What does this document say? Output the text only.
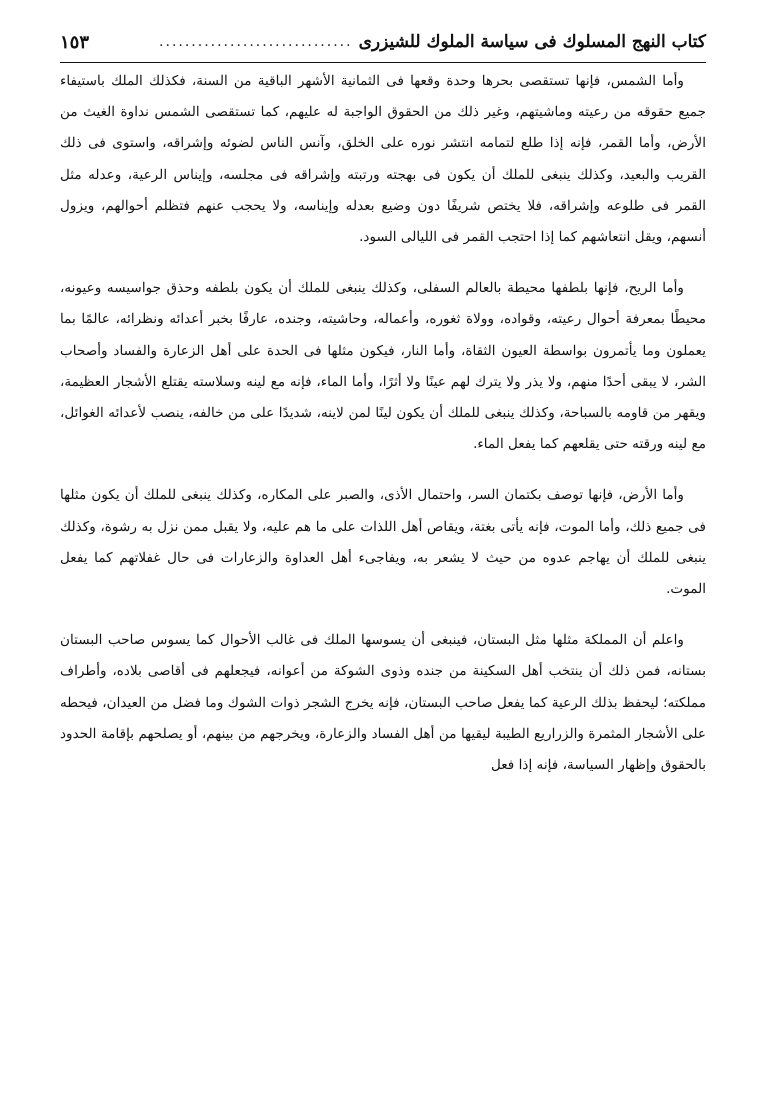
كتاب النهج المسلوك فى سياسة الملوك للشيزرى
..............................
١٥٣

وأما الشمس، فإنها تستقصى بحرها وحدة وقعها فى الثمانية الأشهر الباقية من السنة، فكذلك الملك باستيفاء جميع حقوقه من رعيته وماشيتهم، وغير ذلك من الحقوق الواجبة له عليهم، كما تستقصى الشمس نداوة الغيث من الأرض، وأما القمر، فإنه إذا طلع لتمامه انتشر نوره على الخلق، وآنس الناس لضوئه وإشراقه، واستوى فى ذلك القريب والبعيد، وكذلك ينبغى للملك أن يكون فى بهجته ورتبته وإشراقه فى مجلسه، وإيناس الرعية، وعدله مثل القمر فى طلوعه وإشراقه، فلا يختص شريفًا دون وضيع بعدله وإيناسه، ولا يحجب عنهم فتظلم أحوالهم، ويزول أنسهم، ويقل انتعاشهم كما إذا احتجب القمر فى الليالى السود.

وأما الريح، فإنها بلطفها محيطة بالعالم السفلى، وكذلك ينبغى للملك أن يكون بلطفه وحذق جواسيسه وعيونه، محيطًا بمعرفة أحوال رعيته، وقواده، وولاة ثغوره، وأعماله، وحاشيته، وجنده، عارفًا بخبر أعدائه ونظرائه، عالمًا بما يعملون وما يأتمرون بواسطة العيون الثقاة، وأما النار، فيكون مثلها فى الحدة على أهل الزعارة والفساد وأصحاب الشر، لا يبقى أحدًا منهم، ولا يذر ولا يترك لهم عينًا ولا أثرًا، وأما الماء، فإنه مع لينه وسلاسته يقتلع الأشجار العظيمة، ويقهر من قاومه بالسباحة، وكذلك ينبغى للملك أن يكون لينًا لمن لاينه، شديدًا على من خالفه، ينصب لأعدائه الغوائل، مع لينه ورقته حتى يقلعهم كما يفعل الماء.

وأما الأرض، فإنها توصف بكتمان السر، واحتمال الأذى، والصبر على المكاره، وكذلك ينبغى للملك أن يكون مثلها فى جميع ذلك، وأما الموت، فإنه يأتى بغتة، ويقاص أهل اللذات على ما هم عليه، ولا يقبل ممن نزل به رشوة، وكذلك ينبغى للملك أن يهاجم عدوه من حيث لا يشعر به، ويفاجىء أهل العداوة والزعارات فى حال غفلاتهم كما يفعل الموت.

واعلم أن المملكة مثلها مثل البستان، فينبغى أن يسوسها الملك فى غالب الأحوال كما يسوس صاحب البستان بستانه، فمن ذلك أن ينتخب أهل السكينة من جنده وذوى الشوكة من أعوانه، فيجعلهم فى أقاصى بلاده، وأطراف مملكته؛ ليحفظ بذلك الرعية كما يفعل صاحب البستان، فإنه يخرج الشجر ذوات الشوك وما فضل من العيدان، فيحطه على الأشجار المثمرة والزراريع الطيبة ليقيها من أهل الفساد والزعارة، ويخرجهم من بينهم، أو يصلحهم بإقامة الحدود بالحقوق وإظهار السياسة، فإنه إذا فعل
